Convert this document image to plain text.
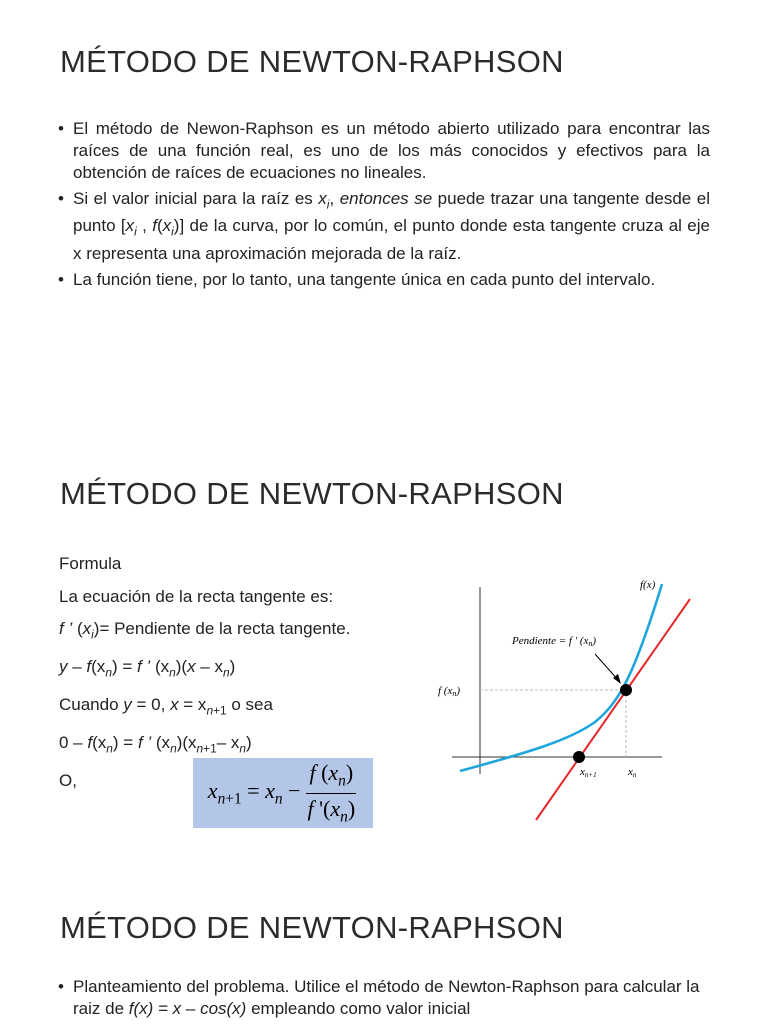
MÉTODO DE NEWTON-RAPHSON
• El método de Newon-Raphson es un método abierto utilizado para encontrar las raíces de una función real, es uno de los más conocidos y efectivos para la obtención de raíces de ecuaciones no lineales.
• Si el valor inicial para la raíz es $x_i$, entonces se puede trazar una tangente desde el punto [$x_i$ , $f(x_i)$] de la curva, por lo común, el punto donde esta tangente cruza al eje x representa una aproximación mejorada de la raíz.
• La función tiene, por lo tanto, una tangente única en cada punto del intervalo.
MÉTODO DE NEWTON-RAPHSON
Formula
La ecuación de la recta tangente es:
f ’ $(x_i)=$ Pendiente de la recta tangente.
$y - f(x_n) = f$ ’ $(x_n)(x - x_n)$
Cuando y = 0, $x = x_{n+1}$ o sea
$0 - f(x_n) = f$ ’ $(x_n)(x_{n+1}-$ $x_n$)
O,	$x_{n+1} = x_n - \frac{f (x_n)}{f '(x_n)}$
f(x)
Pendiente = f ′ (xn)
f (xn)
xn+1	xn
MÉTODO DE NEWTON-RAPHSON
• Planteamiento del problema. Utilice el método de Newton-Raphson para calcular la raiz de f(x) = x – cos(x) empleando como valor inicial
